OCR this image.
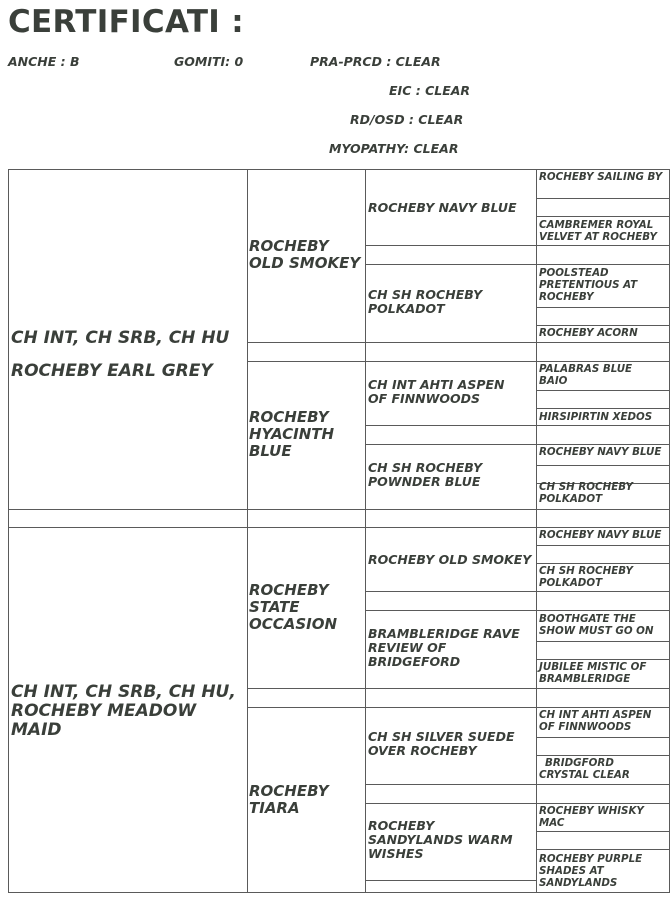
CERTIFICATI :
ANCHE : B	GOMITI: 0	PRA-PRCD : CLEAR
EIC : CLEAR
RD/OSD : CLEAR
MYOPATHY: CLEAR
CH INT, CH SRB, CH HU
ROCHEBY EARL GREY
CH INT, CH SRB, CH HU, ROCHEBY MEADOW MAID
ROCHEBY OLD SMOKEY
ROCHEBY HYACINTH BLUE
ROCHEBY STATE OCCASION
ROCHEBY TIARA
ROCHEBY NAVY BLUE
CH SH ROCHEBY POLKADOT
CH INT AHTI ASPEN OF FINNWOODS
CH SH ROCHEBY POWNDER BLUE
ROCHEBY OLD SMOKEY
BRAMBLERIDGE RAVE REVIEW OF BRIDGEFORD
CH SH SILVER SUEDE OVER ROCHEBY
ROCHEBY SANDYLANDS WARM WISHES
ROCHEBY SAILING BY
CAMBREMER ROYAL VELVET AT ROCHEBY
POOLSTEAD PRETENTIOUS AT ROCHEBY
ROCHEBY ACORN
PALABRAS BLUE BAIO
HIRSIPIRTIN XEDOS
ROCHEBY NAVY BLUE
CH SH ROCHEBY POLKADOT
ROCHEBY NAVY BLUE
CH SH ROCHEBY POLKADOT
BOOTHGATE THE SHOW MUST GO ON
JUBILEE MISTIC OF BRAMBLERIDGE
CH INT AHTI ASPEN OF FINNWOODS
BRIDGFORD CRYSTAL CLEAR
ROCHEBY WHISKY MAC
ROCHEBY PURPLE SHADES AT SANDYLANDS
